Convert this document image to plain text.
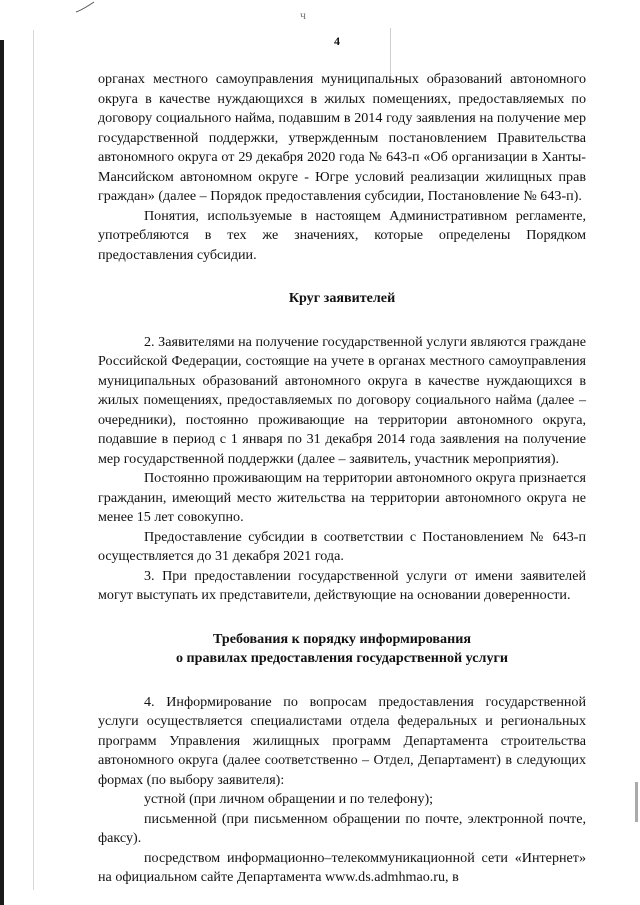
ч
4

органах местного самоуправления муниципальных образований автономного округа в качестве нуждающихся в жилых помещениях, предоставляемых по договору социального найма, подавшим в 2014 году заявления на получение мер государственной поддержки, утвержденным постановлением Правительства автономного округа от 29 декабря 2020 года № 643-п «Об организации в Ханты-Мансийском автономном округе - Югре условий реализации жилищных прав граждан» (далее – Порядок предоставления субсидии, Постановление № 643-п).

Понятия, используемые в настоящем Административном регламенте, употребляются в тех же значениях, которые определены Порядком предоставления субсидии.

Круг заявителей

2. Заявителями на получение государственной услуги являются граждане Российской Федерации, состоящие на учете в органах местного самоуправления муниципальных образований автономного округа в качестве нуждающихся в жилых помещениях, предоставляемых по договору социального найма (далее – очередники), постоянно проживающие на территории автономного округа, подавшие в период с 1 января по 31 декабря 2014 года заявления на получение мер государственной поддержки (далее – заявитель, участник мероприятия).

Постоянно проживающим на территории автономного округа признается гражданин, имеющий место жительства на территории автономного округа не менее 15 лет совокупно.

Предоставление субсидии в соответствии с Постановлением № 643-п осуществляется до 31 декабря 2021 года.

3. При предоставлении государственной услуги от имени заявителей могут выступать их представители, действующие на основании доверенности.

Требования к порядку информирования

о правилах предоставления государственной услуги

4. Информирование по вопросам предоставления государственной услуги осуществляется специалистами отдела федеральных и региональных программ Управления жилищных программ Департамента строительства автономного округа (далее соответственно – Отдел, Департамент) в следующих формах (по выбору заявителя):

устной (при личном обращении и по телефону);

письменной (при письменном обращении по почте, электронной почте, факсу).

посредством информационно–телекоммуникационной сети «Интернет» на официальном сайте Департамента www.ds.admhmao.ru, в
